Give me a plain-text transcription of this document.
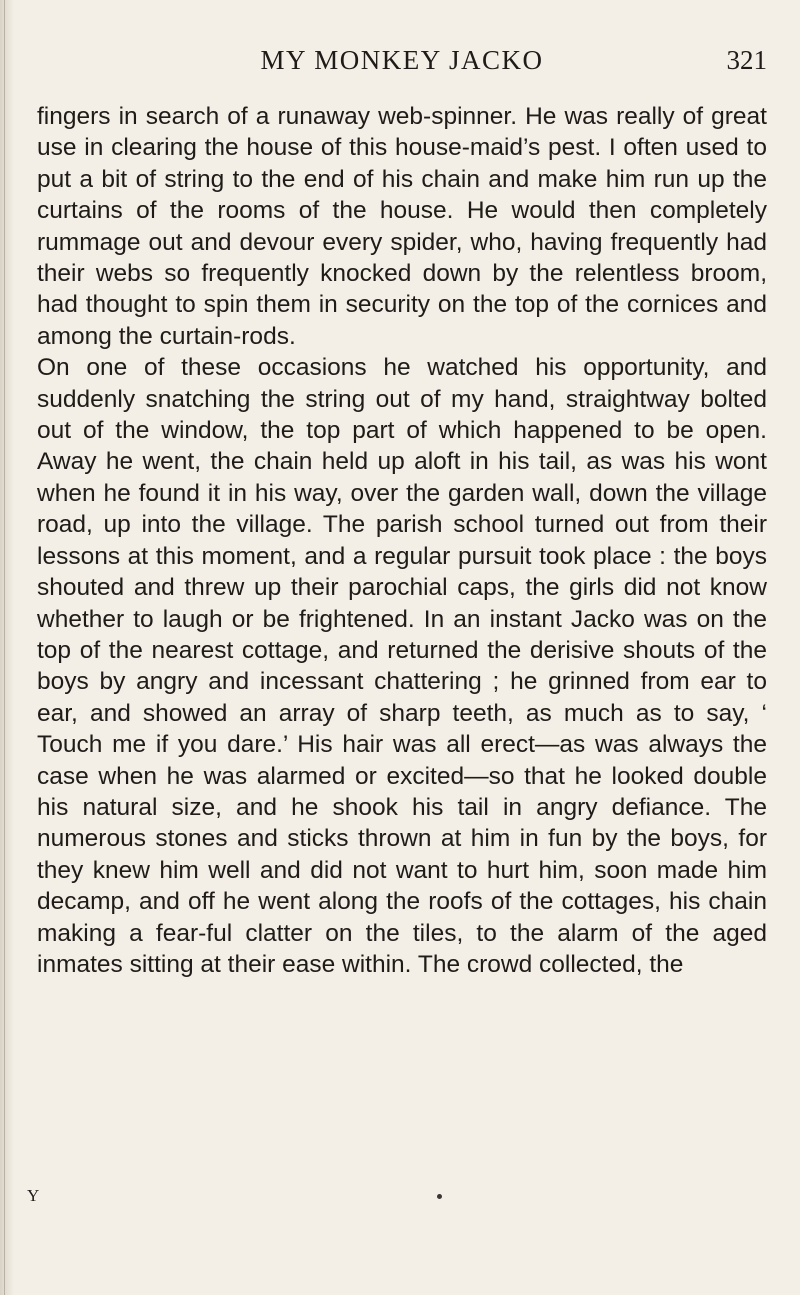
MY MONKEY JACKO	321

fingers in search of a runaway web-spinner. He was really of great use in clearing the house of this house-maid’s pest. I often used to put a bit of string to the end of his chain and make him run up the curtains of the rooms of the house. He would then completely rummage out and devour every spider, who, having frequently had their webs so frequently knocked down by the relentless broom, had thought to spin them in security on the top of the cornices and among the curtain-rods.

On one of these occasions he watched his opportunity, and suddenly snatching the string out of my hand, straightway bolted out of the window, the top part of which happened to be open. Away he went, the chain held up aloft in his tail, as was his wont when he found it in his way, over the garden wall, down the village road, up into the village. The parish school turned out from their lessons at this moment, and a regular pursuit took place : the boys shouted and threw up their parochial caps, the girls did not know whether to laugh or be frightened. In an instant Jacko was on the top of the nearest cottage, and returned the derisive shouts of the boys by angry and incessant chattering ; he grinned from ear to ear, and showed an array of sharp teeth, as much as to say, ‘ Touch me if you dare.’ His hair was all erect—as was always the case when he was alarmed or excited—so that he looked double his natural size, and he shook his tail in angry defiance. The numerous stones and sticks thrown at him in fun by the boys, for they knew him well and did not want to hurt him, soon made him decamp, and off he went along the roofs of the cottages, his chain making a fear-ful clatter on the tiles, to the alarm of the aged inmates sitting at their ease within. The crowd collected, the

Y
